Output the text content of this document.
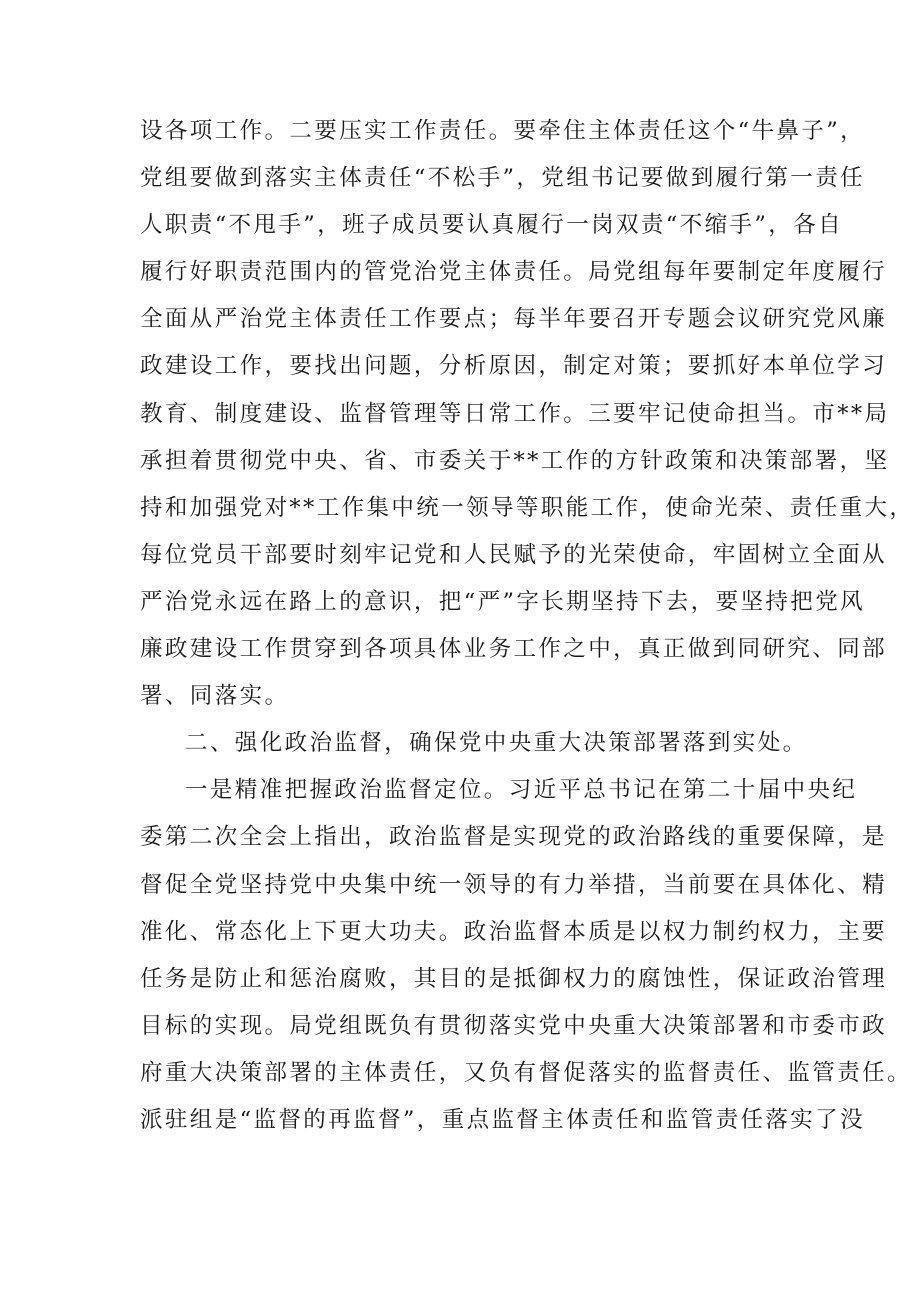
设各项工作。二要压实工作责任。要牵住主体责任这个“牛鼻子”，
党组要做到落实主体责任“不松手”，党组书记要做到履行第一责任
人职责“不甩手”，班子成员要认真履行一岗双责“不缩手”，各自
履行好职责范围内的管党治党主体责任。局党组每年要制定年度履行
全面从严治党主体责任工作要点；每半年要召开专题会议研究党风廉
政建设工作，要找出问题，分析原因，制定对策；要抓好本单位学习
教育、制度建设、监督管理等日常工作。三要牢记使命担当。市**局
承担着贯彻党中央、省、市委关于**工作的方针政策和决策部署，坚
持和加强党对**工作集中统一领导等职能工作，使命光荣、责任重大，
每位党员干部要时刻牢记党和人民赋予的光荣使命，牢固树立全面从
严治党永远在路上的意识，把“严”字长期坚持下去，要坚持把党风
廉政建设工作贯穿到各项具体业务工作之中，真正做到同研究、同部
署、同落实。
二、强化政治监督，确保党中央重大决策部署落到实处。
一是精准把握政治监督定位。习近平总书记在第二十届中央纪
委第二次全会上指出，政治监督是实现党的政治路线的重要保障，是
督促全党坚持党中央集中统一领导的有力举措，当前要在具体化、精
准化、常态化上下更大功夫。政治监督本质是以权力制约权力，主要
任务是防止和惩治腐败，其目的是抵御权力的腐蚀性，保证政治管理
目标的实现。局党组既负有贯彻落实党中央重大决策部署和市委市政
府重大决策部署的主体责任，又负有督促落实的监督责任、监管责任。
派驻组是“监督的再监督”，重点监督主体责任和监管责任落实了没
